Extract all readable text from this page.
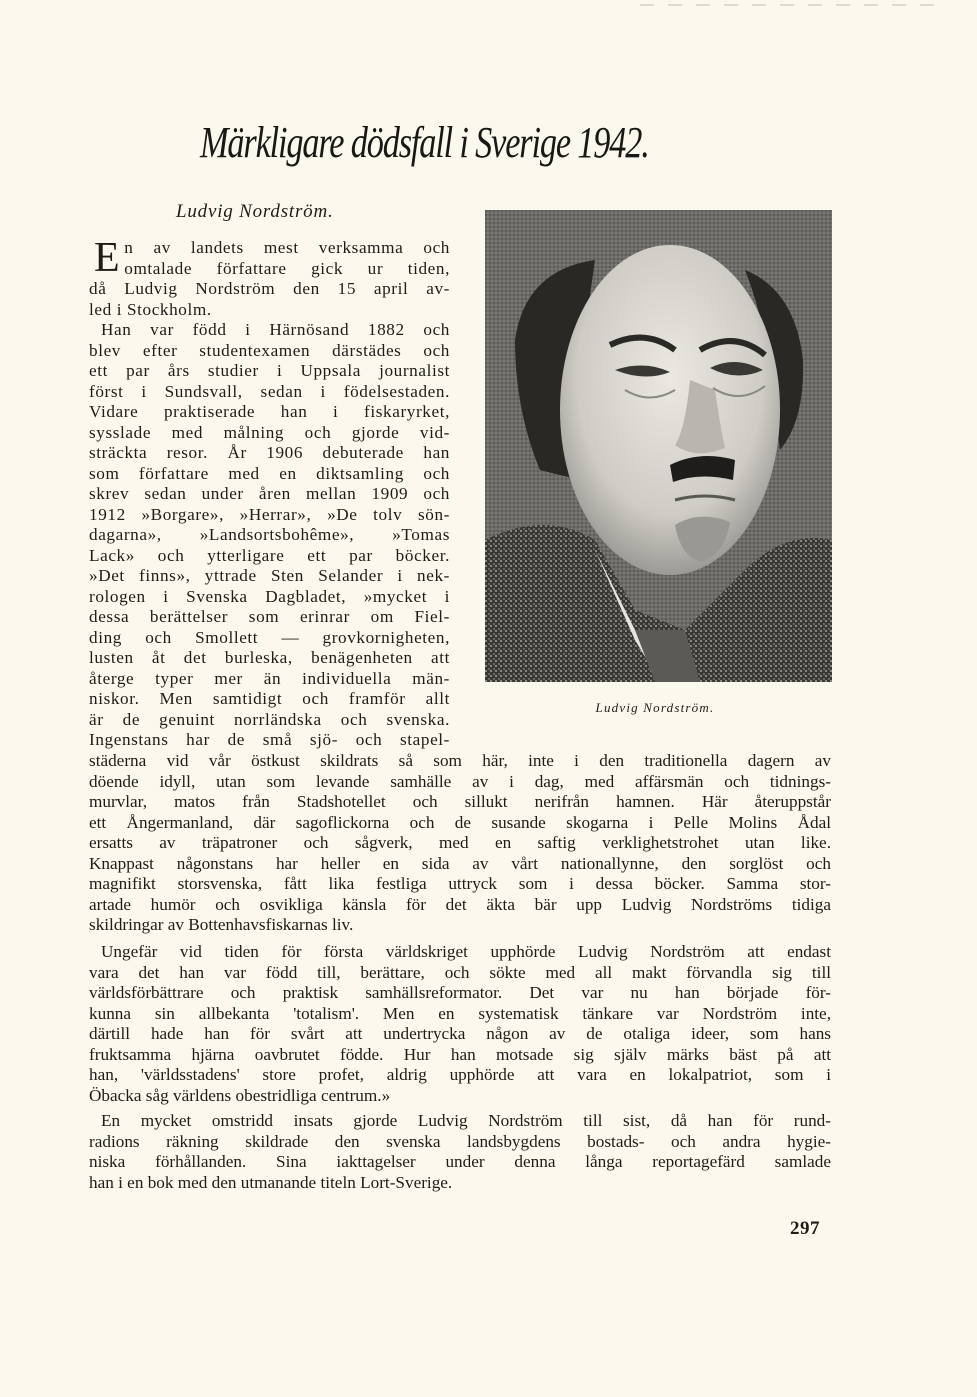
Märkligare dödsfall i Sverige 1942.
Ludvig Nordström.
Ludvig Nordström.
E n av landets mest verksamma och
omtalade författare gick ur tiden,
då Ludvig Nordström den 15 april av-
led i Stockholm.
Han var född i Härnösand 1882 och
blev efter studentexamen därstädes och
ett par års studier i Uppsala journalist
först i Sundsvall, sedan i födelsestaden.
Vidare praktiserade han i fiskaryrket,
sysslade med målning och gjorde vid-
sträckta resor. År 1906 debuterade han
som författare med en diktsamling och
skrev sedan under åren mellan 1909 och
1912 »Borgare», »Herrar», »De tolv sön-
dagarna», »Landsortsbohême», »Tomas
Lack» och ytterligare ett par böcker.
»Det finns», yttrade Sten Selander i nek-
rologen i Svenska Dagbladet, »mycket i
dessa berättelser som erinrar om Fiel-
ding och Smollett — grovkornigheten,
lusten åt det burleska, benägenheten att
återge typer mer än individuella män-
niskor. Men samtidigt och framför allt
är de genuint norrländska och svenska.
Ingenstans har de små sjö- och stapel-
städerna vid vår östkust skildrats så som här, inte i den traditionella dagern av
döende idyll, utan som levande samhälle av i dag, med affärsmän och tidnings-
murvlar, matos från Stadshotellet och sillukt nerifrån hamnen. Här återuppstår
ett Ångermanland, där sagoflickorna och de susande skogarna i Pelle Molins Ådal
ersatts av träpatroner och sågverk, med en saftig verklighetstrohet utan like.
Knappast någonstans har heller en sida av vårt nationallynne, den sorglöst och
magnifikt storsvenska, fått lika festliga uttryck som i dessa böcker. Samma stor-
artade humör och osvikliga känsla för det äkta bär upp Ludvig Nordströms tidiga
skildringar av Bottenhavsfiskarnas liv.
Ungefär vid tiden för första världskriget upphörde Ludvig Nordström att endast
vara det han var född till, berättare, och sökte med all makt förvandla sig till
världsförbättrare och praktisk samhällsreformator. Det var nu han började för-
kunna sin allbekanta 'totalism'. Men en systematisk tänkare var Nordström inte,
därtill hade han för svårt att undertrycka någon av de otaliga ideer, som hans
fruktsamma hjärna oavbrutet födde. Hur han motsade sig själv märks bäst på att
han, 'världsstadens' store profet, aldrig upphörde att vara en lokalpatriot, som i
Öbacka såg världens obestridliga centrum.»
En mycket omstridd insats gjorde Ludvig Nordström till sist, då han för rund-
radions räkning skildrade den svenska landsbygdens bostads- och andra hygie-
niska förhållanden. Sina iakttagelser under denna långa reportagefärd samlade
han i en bok med den utmanande titeln Lort-Sverige.
297
